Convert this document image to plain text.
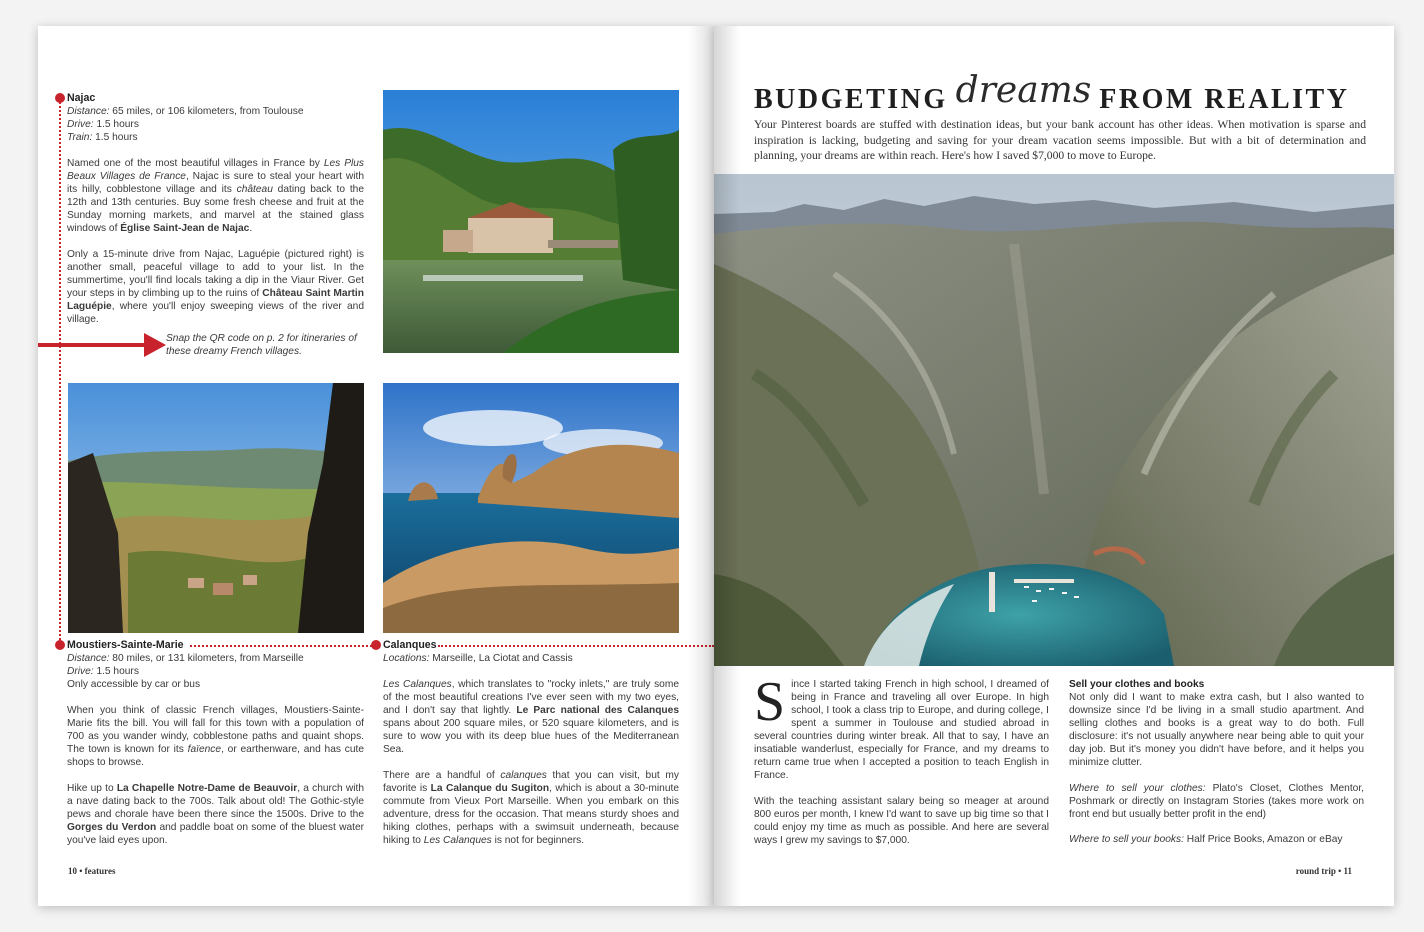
Najac
Distance: 65 miles, or 106 kilometers, from Toulouse
Drive: 1.5 hours
Train: 1.5 hours

Named one of the most beautiful villages in France by Les Plus Beaux Villages de France, Najac is sure to steal your heart with its hilly, cobblestone village and its château dating back to the 12th and 13th centuries. Buy some fresh cheese and fruit at the Sunday morning markets, and marvel at the stained glass windows of Église Saint-Jean de Najac.

Only a 15-minute drive from Najac, Laguépie (pictured right) is another small, peaceful village to add to your list. In the summertime, you'll find locals taking a dip in the Viaur River. Get your steps in by climbing up to the ruins of Château Saint Martin Laguépie, where you'll enjoy sweeping views of the river and village.

Snap the QR code on p. 2 for itineraries of these dreamy French villages.
Moustiers-Sainte-Marie
Distance: 80 miles, or 131 kilometers, from Marseille
Drive: 1.5 hours
Only accessible by car or bus

When you think of classic French villages, Moustiers-Sainte-Marie fits the bill. You will fall for this town with a population of 700 as you wander windy, cobblestone paths and quaint shops. The town is known for its faïence, or earthenware, and has cute shops to browse.

Hike up to La Chapelle Notre-Dame de Beauvoir, a church with a nave dating back to the 700s. Talk about old! The Gothic-style pews and chorale have been there since the 1500s. Drive to the Gorges du Verdon and paddle boat on some of the bluest water you've laid eyes upon.

Calanques
Locations: Marseille, La Ciotat and Cassis

Les Calanques, which translates to "rocky inlets," are truly some of the most beautiful creations I've ever seen with my two eyes, and I don't say that lightly. Le Parc national des Calanques spans about 200 square miles, or 520 square kilometers, and is sure to wow you with its deep blue hues of the Mediterranean Sea.

There are a handful of calanques that you can visit, but my favorite is La Calanque du Sugiton, which is about a 30-minute commute from Vieux Port Marseille. When you embark on this adventure, dress for the occasion. That means sturdy shoes and hiking clothes, perhaps with a swimsuit underneath, because hiking to Les Calanques is not for beginners.

10 • features
BUDGETING dreams FROM REALITY
Your Pinterest boards are stuffed with destination ideas, but your bank account has other ideas. When motivation is sparse and inspiration is lacking, budgeting and saving for your dream vacation seems impossible. But with a bit of determination and planning, your dreams are within reach. Here's how I saved $7,000 to move to Europe.
S ince I started taking French in high school, I dreamed of being in France and traveling all over Europe. In high school, I took a class trip to Europe, and during college, I spent a summer in Toulouse and studied abroad in several countries during winter break. All that to say, I have an insatiable wanderlust, especially for France, and my dreams to return came true when I accepted a position to teach English in France.

With the teaching assistant salary being so meager at around 800 euros per month, I knew I'd want to save up big time so that I could enjoy my time as much as possible. And here are several ways I grew my savings to $7,000.

Sell your clothes and books

Not only did I want to make extra cash, but I also wanted to downsize since I'd be living in a small studio apartment. And selling clothes and books is a great way to do both. Full disclosure: it's not usually anywhere near being able to quit your day job. But it's money you didn't have before, and it helps you minimize clutter.

Where to sell your clothes: Plato's Closet, Clothes Mentor, Poshmark or directly on Instagram Stories (takes more work on front end but usually better profit in the end)

Where to sell your books: Half Price Books, Amazon or eBay

round trip • 11
